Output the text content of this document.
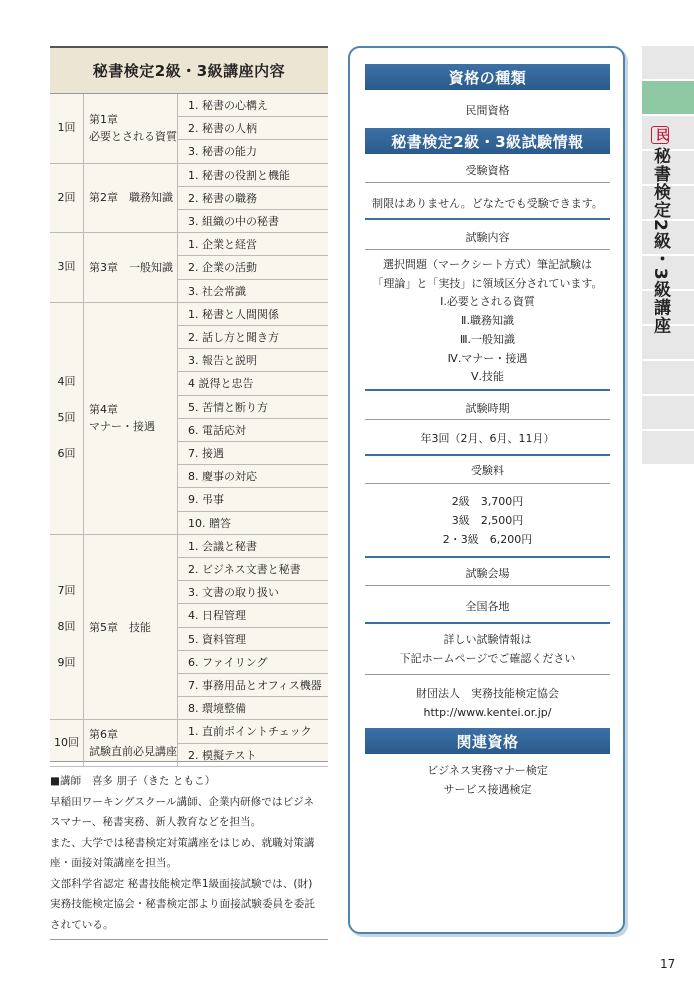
秘書検定2級・3級講座内容
1回
第1章
必要とされる資質
1. 秘書の心構え
2. 秘書の人柄
3. 秘書の能力
2回 第2章　職務知識
1. 秘書の役割と機能
2. 秘書の職務
3. 組織の中の秘書
3回 第3章　一般知識
1. 企業と経営
2. 企業の活動
3. 社会常識
4回
5回
6回
第4章
マナー・接遇
1. 秘書と人間関係
2. 話し方と聞き方
3. 報告と説明
4 説得と忠告
5. 苦情と断り方
6. 電話応対
7. 接遇
8. 慶事の対応
9. 弔事
10. 贈答
7回
8回
9回
第5章　技能
1. 会議と秘書
2. ビジネス文書と秘書
3. 文書の取り扱い
4. 日程管理
5. 資料管理
6. ファイリング
7. 事務用品とオフィス機器
8. 環境整備
10回
第6章
試験直前必見講座
1. 直前ポイントチェック
2. 模擬テスト

■講師　喜多 朋子（きた ともこ）

早稲田ワーキングスクール講師、企業内研修ではビジネ

スマナー、秘書実務、新人教育などを担当。

また、大学では秘書検定対策講座をはじめ、就職対策講

座・面接対策講座を担当。

文部科学省認定 秘書技能検定準1級面接試験では、(財)

実務技能検定協会・秘書検定部より面接試験委員を委託

されている。

資格の種類
民間資格
秘書検定2級・3級試験情報
受験資格
制限はありません。どなたでも受験できます。
試験内容
選択問題（マークシート方式）筆記試験は
「理論」と「実技」に領域区分されています。
Ⅰ.必要とされる資質
Ⅱ.職務知識
Ⅲ.一般知識
Ⅳ.マナー・接遇
Ⅴ.技能
試験時期
年3回（2月、6月、11月）
受験料
2級　3,700円
3級　2,500円
2・3級　6,200円
試験会場
全国各地
詳しい試験情報は
下記ホームページでご確認ください
財団法人　実務技能検定協会
http://www.kentei.or.jp/
関連資格
ビジネス実務マナー検定
サービス接遇検定
民秘書検定2級・3級講座
17
